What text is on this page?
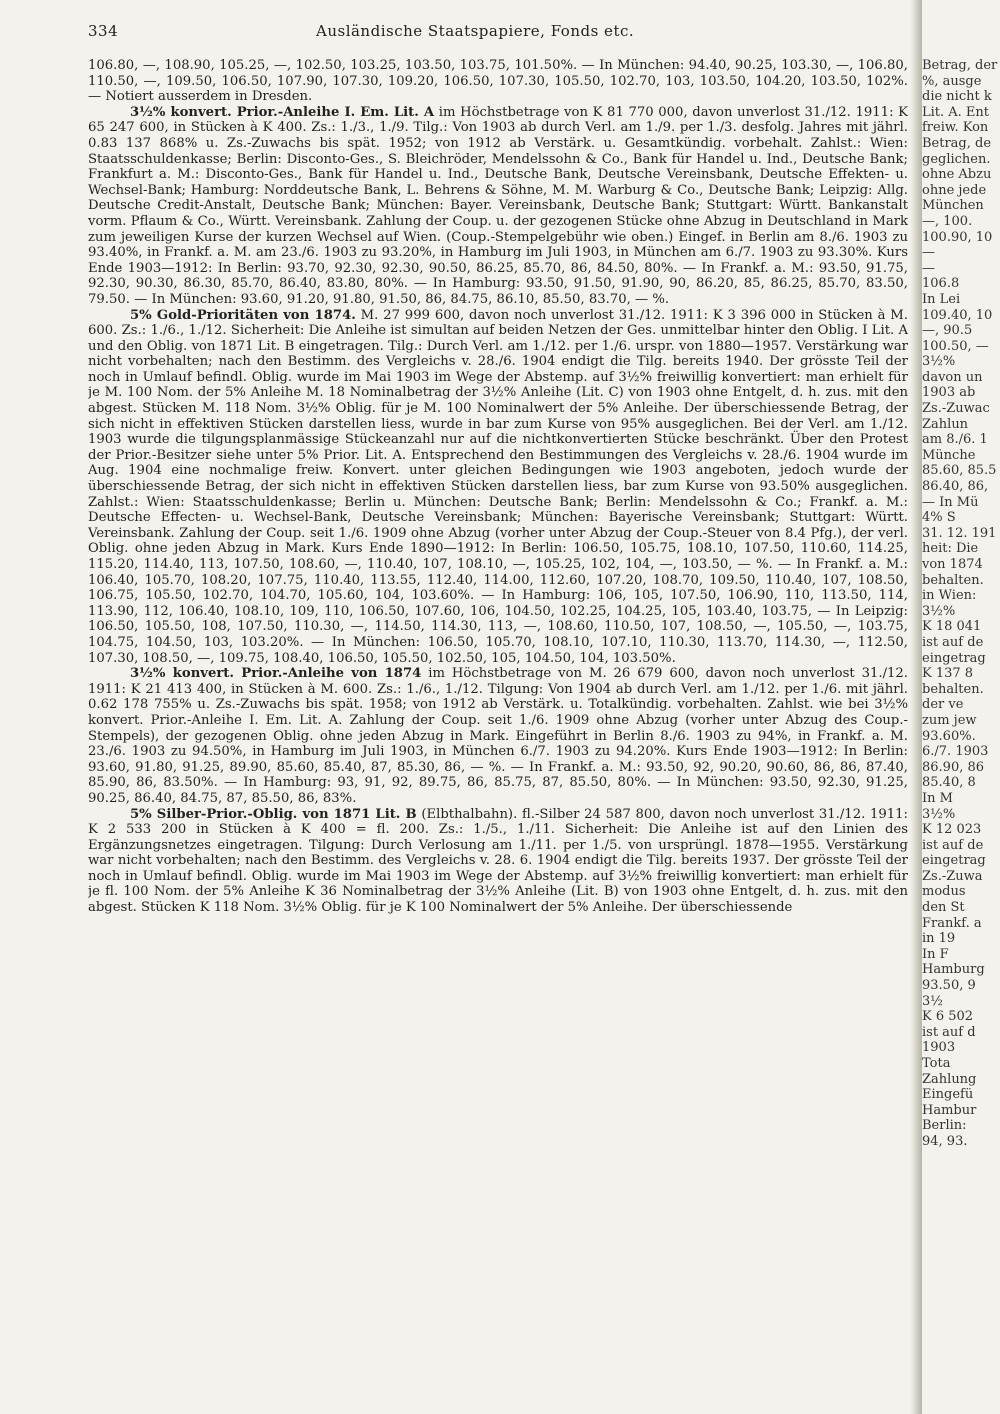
334	Ausländische Staatspapiere, Fonds etc.

106.80, —, 108.90, 105.25, —, 102.50, 103.25, 103.50, 103.75, 101.50%. — In München: 94.40, 90.25, 103.30, —, 106.80, 110.50, —, 109.50, 106.50, 107.90, 107.30, 109.20, 106.50, 107.30, 105.50, 102.70, 103, 103.50, 104.20, 103.50, 102%. — Notiert ausserdem in Dresden.

3½% konvert. Prior.-Anleihe I. Em. Lit. A im Höchstbetrage von K 81 770 000, davon unverlost 31./12. 1911: K 65 247 600, in Stücken à K 400. Zs.: 1./3., 1./9. Tilg.: Von 1903 ab durch Verl. am 1./9. per 1./3. desfolg. Jahres mit jährl. 0.83 137 868% u. Zs.-Zuwachs bis spät. 1952; von 1912 ab Verstärk. u. Gesamtkündig. vorbehalt. Zahlst.: Wien: Staatsschuldenkasse; Berlin: Disconto-Ges., S. Bleichröder, Mendelssohn & Co., Bank für Handel u. Ind., Deutsche Bank; Frankfurt a. M.: Disconto-Ges., Bank für Handel u. Ind., Deutsche Bank, Deutsche Vereinsbank, Deutsche Effekten- u. Wechsel-Bank; Hamburg: Norddeutsche Bank, L. Behrens & Söhne, M. M. Warburg & Co., Deutsche Bank; Leipzig: Allg. Deutsche Credit-Anstalt, Deutsche Bank; München: Bayer. Vereinsbank, Deutsche Bank; Stuttgart: Württ. Bankanstalt vorm. Pflaum & Co., Württ. Vereinsbank. Zahlung der Coup. u. der gezogenen Stücke ohne Abzug in Deutschland in Mark zum jeweiligen Kurse der kurzen Wechsel auf Wien. (Coup.-Stempelgebühr wie oben.) Eingef. in Berlin am 8./6. 1903 zu 93.40%, in Frankf. a. M. am 23./6. 1903 zu 93.20%, in Hamburg im Juli 1903, in München am 6./7. 1903 zu 93.30%. Kurs Ende 1903—1912: In Berlin: 93.70, 92.30, 92.30, 90.50, 86.25, 85.70, 86, 84.50, 80%. — In Frankf. a. M.: 93.50, 91.75, 92.30, 90.30, 86.30, 85.70, 86.40, 83.80, 80%. — In Hamburg: 93.50, 91.50, 91.90, 90, 86.20, 85, 86.25, 85.70, 83.50, 79.50. — In München: 93.60, 91.20, 91.80, 91.50, 86, 84.75, 86.10, 85.50, 83.70, — %.

5% Gold-Prioritäten von 1874. M. 27 999 600, davon noch unverlost 31./12. 1911: K 3 396 000 in Stücken à M. 600. Zs.: 1./6., 1./12. Sicherheit: Die Anleihe ist simultan auf beiden Netzen der Ges. unmittelbar hinter den Oblig. I Lit. A und den Oblig. von 1871 Lit. B eingetragen. Tilg.: Durch Verl. am 1./12. per 1./6. urspr. von 1880—1957. Verstärkung war nicht vorbehalten; nach den Bestimm. des Vergleichs v. 28./6. 1904 endigt die Tilg. bereits 1940. Der grösste Teil der noch in Umlauf befindl. Oblig. wurde im Mai 1903 im Wege der Abstemp. auf 3½% freiwillig konvertiert: man erhielt für je M. 100 Nom. der 5% Anleihe M. 18 Nominalbetrag der 3½% Anleihe (Lit. C) von 1903 ohne Entgelt, d. h. zus. mit den abgest. Stücken M. 118 Nom. 3½% Oblig. für je M. 100 Nominalwert der 5% Anleihe. Der überschiessende Betrag, der sich nicht in effektiven Stücken darstellen liess, wurde in bar zum Kurse von 95% ausgeglichen. Bei der Verl. am 1./12. 1903 wurde die tilgungsplanmässige Stückeanzahl nur auf die nichtkonvertierten Stücke beschränkt. Über den Protest der Prior.-Besitzer siehe unter 5% Prior. Lit. A. Entsprechend den Bestimmungen des Vergleichs v. 28./6. 1904 wurde im Aug. 1904 eine nochmalige freiw. Konvert. unter gleichen Bedingungen wie 1903 angeboten, jedoch wurde der überschiessende Betrag, der sich nicht in effektiven Stücken darstellen liess, bar zum Kurse von 93.50% ausgeglichen. Zahlst.: Wien: Staatsschuldenkasse; Berlin u. München: Deutsche Bank; Berlin: Mendelssohn & Co.; Frankf. a. M.: Deutsche Effecten- u. Wechsel-Bank, Deutsche Vereinsbank; München: Bayerische Vereinsbank; Stuttgart: Württ. Vereinsbank. Zahlung der Coup. seit 1./6. 1909 ohne Abzug (vorher unter Abzug der Coup.-Steuer von 8.4 Pfg.), der verl. Oblig. ohne jeden Abzug in Mark. Kurs Ende 1890—1912: In Berlin: 106.50, 105.75, 108.10, 107.50, 110.60, 114.25, 115.20, 114.40, 113, 107.50, 108.60, —, 110.40, 107, 108.10, —, 105.25, 102, 104, —, 103.50, — %. — In Frankf. a. M.: 106.40, 105.70, 108.20, 107.75, 110.40, 113.55, 112.40, 114.00, 112.60, 107.20, 108.70, 109.50, 110.40, 107, 108.50, 106.75, 105.50, 102.70, 104.70, 105.60, 104, 103.60%. — In Hamburg: 106, 105, 107.50, 106.90, 110, 113.50, 114, 113.90, 112, 106.40, 108.10, 109, 110, 106.50, 107.60, 106, 104.50, 102.25, 104.25, 105, 103.40, 103.75, — In Leipzig: 106.50, 105.50, 108, 107.50, 110.30, —, 114.50, 114.30, 113, —, 108.60, 110.50, 107, 108.50, —, 105.50, —, 103.75, 104.75, 104.50, 103, 103.20%. — In München: 106.50, 105.70, 108.10, 107.10, 110.30, 113.70, 114.30, —, 112.50, 107.30, 108.50, —, 109.75, 108.40, 106.50, 105.50, 102.50, 105, 104.50, 104, 103.50%.

3½% konvert. Prior.-Anleihe von 1874 im Höchstbetrage von M. 26 679 600, davon noch unverlost 31./12. 1911: K 21 413 400, in Stücken à M. 600. Zs.: 1./6., 1./12. Tilgung: Von 1904 ab durch Verl. am 1./12. per 1./6. mit jährl. 0.62 178 755% u. Zs.-Zuwachs bis spät. 1958; von 1912 ab Verstärk. u. Totalkündig. vorbehalten. Zahlst. wie bei 3½% konvert. Prior.-Anleihe I. Em. Lit. A. Zahlung der Coup. seit 1./6. 1909 ohne Abzug (vorher unter Abzug des Coup.-Stempels), der gezogenen Oblig. ohne jeden Abzug in Mark. Eingeführt in Berlin 8./6. 1903 zu 94%, in Frankf. a. M. 23./6. 1903 zu 94.50%, in Hamburg im Juli 1903, in München 6./7. 1903 zu 94.20%. Kurs Ende 1903—1912: In Berlin: 93.60, 91.80, 91.25, 89.90, 85.60, 85.40, 87, 85.30, 86, — %. — In Frankf. a. M.: 93.50, 92, 90.20, 90.60, 86, 86, 87.40, 85.90, 86, 83.50%. — In Hamburg: 93, 91, 92, 89.75, 86, 85.75, 87, 85.50, 80%. — In München: 93.50, 92.30, 91.25, 90.25, 86.40, 84.75, 87, 85.50, 86, 83%.

5% Silber-Prior.-Oblig. von 1871 Lit. B (Elbthalbahn). fl.-Silber 24 587 800, davon noch unverlost 31./12. 1911: K 2 533 200 in Stücken à K 400 = fl. 200. Zs.: 1./5., 1./11. Sicherheit: Die Anleihe ist auf den Linien des Ergänzungsnetzes eingetragen. Tilgung: Durch Verlosung am 1./11. per 1./5. von ursprüngl. 1878—1955. Verstärkung war nicht vorbehalten; nach den Bestimm. des Vergleichs v. 28. 6. 1904 endigt die Tilg. bereits 1937. Der grösste Teil der noch in Umlauf befindl. Oblig. wurde im Mai 1903 im Wege der Abstemp. auf 3½% freiwillig konvertiert: man erhielt für je fl. 100 Nom. der 5% Anleihe K 36 Nominalbetrag der 3½% Anleihe (Lit. B) von 1903 ohne Entgelt, d. h. zus. mit den abgest. Stücken K 118 Nom. 3½% Oblig. für je K 100 Nominalwert der 5% Anleihe. Der überschiessende

Betrag, der
%, ausge
die nicht k
Lit. A. Ent
freiw. Kon
Betrag, de
geglichen.
ohne Abzu
ohne jede
München
—, 100.
100.90, 10
—
—
106.8
In Lei
109.40, 10
—, 90.5
100.50, —
3½%
davon un
1903 ab
Zs.-Zuwac
Zahlun
am 8./6. 1
Münche
85.60, 85.5
86.40, 86,
— In Mü
4% S
31. 12. 191
heit: Die
von 1874
behalten.
in Wien:
3½%
K 18 041
ist auf de
eingetrag
K 137 8
behalten.
der ve
zum jew
93.60%.
6./7. 1903
86.90, 86
85.40, 8
In M
3½%
K 12 023
ist auf de
eingetrag
Zs.-Zuwa
modus
den St
Frankf. a
in 19
In F
Hamburg
93.50, 9
3½
K 6 502
ist auf d
1903
Tota
Zahlung
Eingefü
Hambur
Berlin:
94, 93.
